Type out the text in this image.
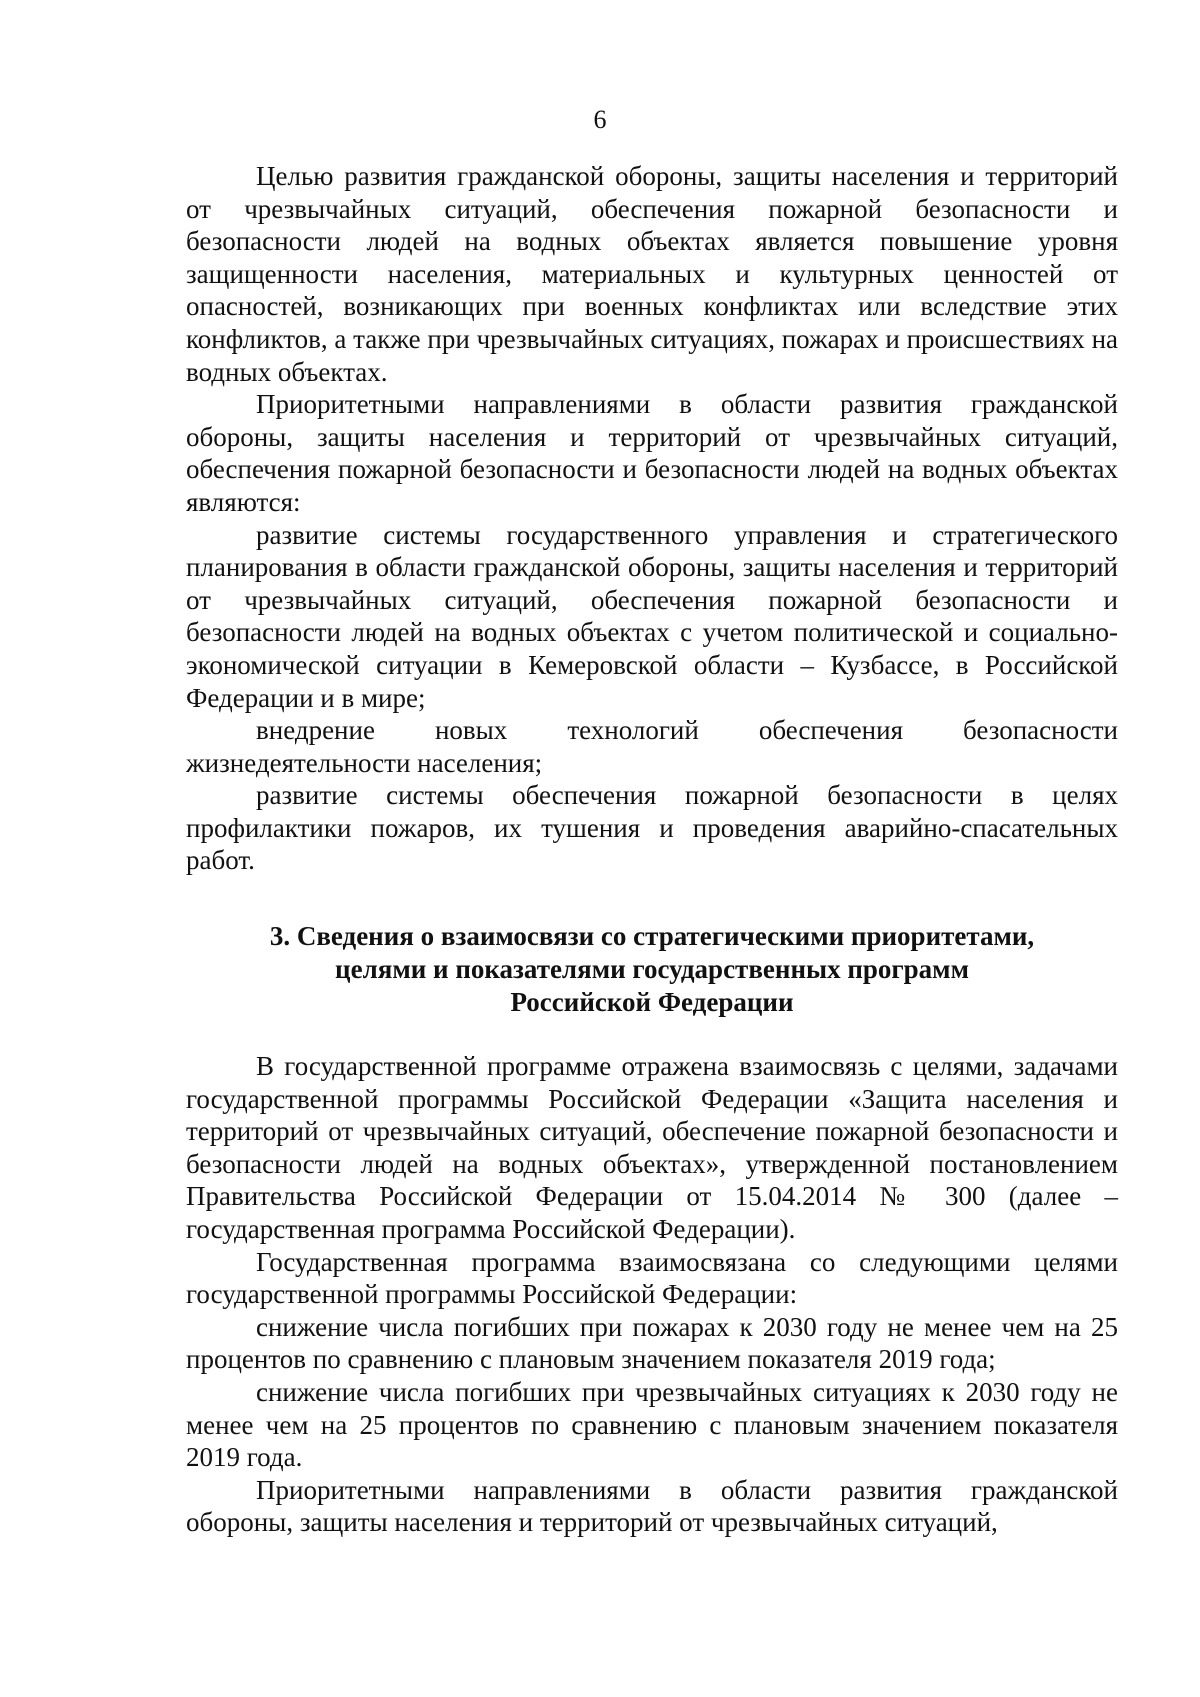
6

Целью развития гражданской обороны, защиты населения и территорий от чрезвычайных ситуаций, обеспечения пожарной безопасности и безопасности людей на водных объектах является повышение уровня защищенности населения, материальных и культурных ценностей от опасностей, возникающих при военных конфликтах или вследствие этих конфликтов, а также при чрезвычайных ситуациях, пожарах и происшествиях на водных объектах.

Приоритетными направлениями в области развития гражданской обороны, защиты населения и территорий от чрезвычайных ситуаций, обеспечения пожарной безопасности и безопасности людей на водных объектах являются:

развитие системы государственного управления и стратегического планирования в области гражданской обороны, защиты населения и территорий от чрезвычайных ситуаций, обеспечения пожарной безопасности и безопасности людей на водных объектах с учетом политической и социально-экономической ситуации в Кемеровской области – Кузбассе, в Российской Федерации и в мире;

внедрение новых технологий обеспечения безопасности жизнедеятельности населения;

развитие системы обеспечения пожарной безопасности в целях профилактики пожаров, их тушения и проведения аварийно-спасательных работ.

3. Сведения о взаимосвязи со стратегическими приоритетами,
целями и показателями государственных программ
Российской Федерации

В государственной программе отражена взаимосвязь с целями, задачами государственной программы Российской Федерации «Защита населения и территорий от чрезвычайных ситуаций, обеспечение пожарной безопасности и безопасности людей на водных объектах», утвержденной постановлением Правительства Российской Федерации от 15.04.2014 № 300 (далее – государственная программа Российской Федерации).

Государственная программа взаимосвязана со следующими целями государственной программы Российской Федерации:

снижение числа погибших при пожарах к 2030 году не менее чем на 25 процентов по сравнению с плановым значением показателя 2019 года;

снижение числа погибших при чрезвычайных ситуациях к 2030 году не менее чем на 25 процентов по сравнению с плановым значением показателя 2019 года.

Приоритетными направлениями в области развития гражданской обороны, защиты населения и территорий от чрезвычайных ситуаций,
